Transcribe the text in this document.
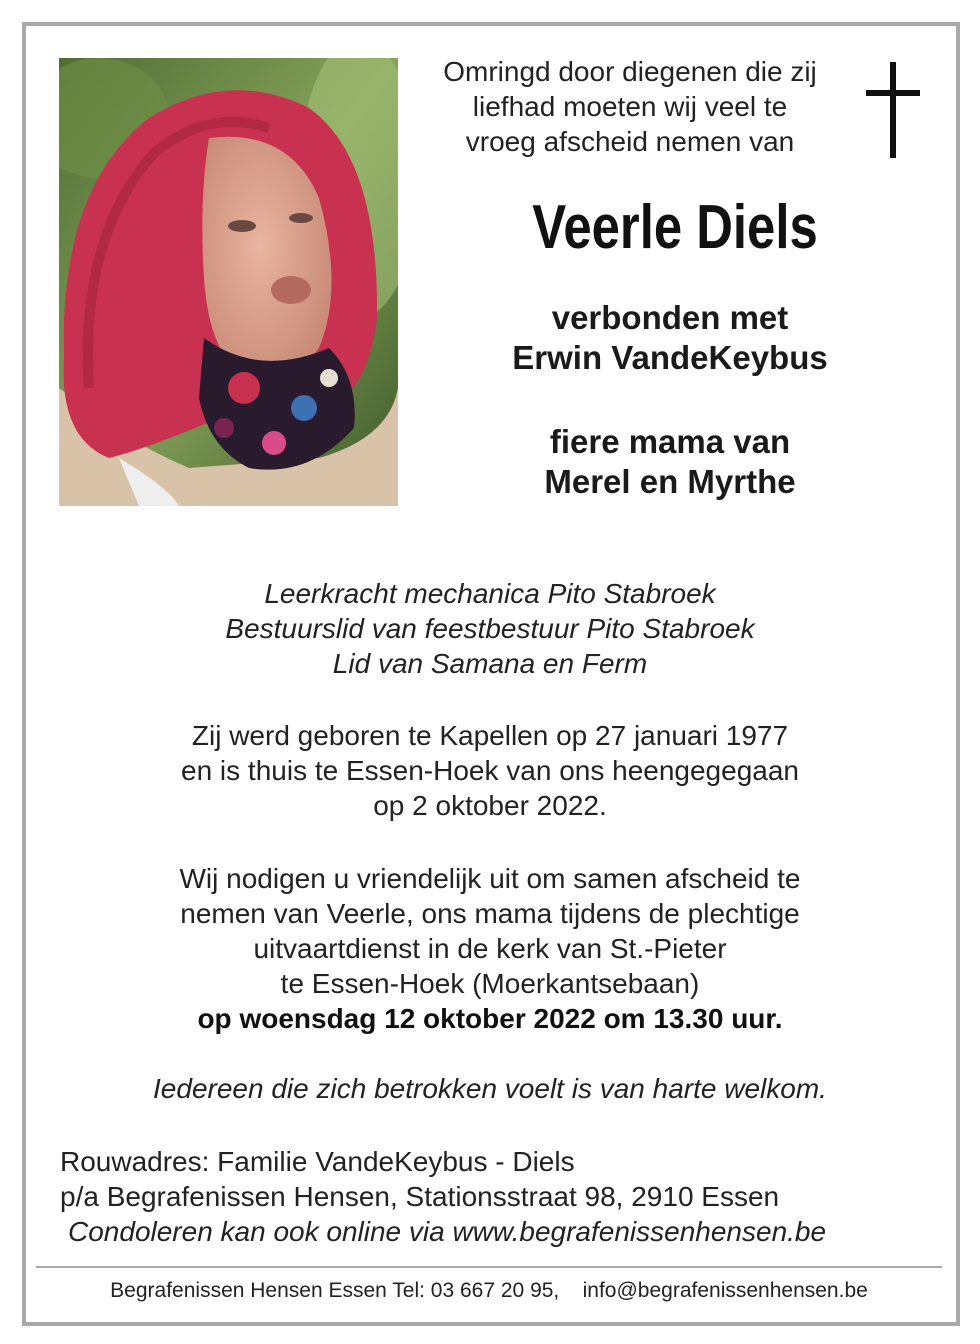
Omringd door diegenen die zij
liefhad moeten wij veel te
vroeg afscheid nemen van
Veerle Diels
verbonden met
Erwin VandeKeybus
fiere mama van
Merel en Myrthe
Leerkracht mechanica Pito Stabroek
Bestuurslid van feestbestuur Pito Stabroek
Lid van Samana en Ferm
Zij werd geboren te Kapellen op 27 januari 1977
en is thuis te Essen-Hoek van ons heengegegaan
op 2 oktober 2022.
Wij nodigen u vriendelijk uit om samen afscheid te
nemen van Veerle, ons mama tijdens de plechtige
uitvaartdienst in de kerk van St.-Pieter
te Essen-Hoek (Moerkantsebaan)
op woensdag 12 oktober 2022 om 13.30 uur.
Iedereen die zich betrokken voelt is van harte welkom.
Rouwadres: Familie VandeKeybus - Diels
p/a Begrafenissen Hensen, Stationsstraat 98, 2910 Essen
Condoleren kan ook online via www.begrafenissenhensen.be
Begrafenissen Hensen Essen Tel: 03 667 20 95, info@begrafenissenhensen.be
